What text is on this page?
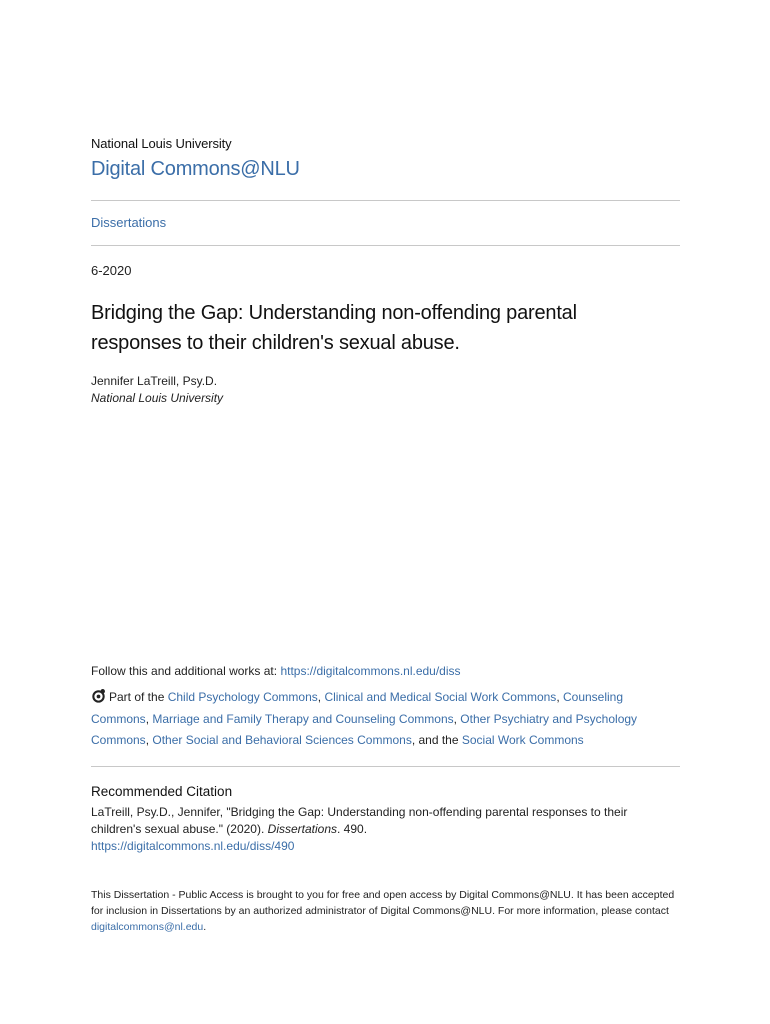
National Louis University
Digital Commons@NLU
Dissertations
6-2020
Bridging the Gap: Understanding non-offending parental responses to their children's sexual abuse.
Jennifer LaTreill, Psy.D.
National Louis University
Follow this and additional works at: https://digitalcommons.nl.edu/diss
Part of the Child Psychology Commons, Clinical and Medical Social Work Commons, Counseling Commons, Marriage and Family Therapy and Counseling Commons, Other Psychiatry and Psychology Commons, Other Social and Behavioral Sciences Commons, and the Social Work Commons
Recommended Citation
LaTreill, Psy.D., Jennifer, "Bridging the Gap: Understanding non-offending parental responses to their children's sexual abuse." (2020). Dissertations. 490.
https://digitalcommons.nl.edu/diss/490
This Dissertation - Public Access is brought to you for free and open access by Digital Commons@NLU. It has been accepted for inclusion in Dissertations by an authorized administrator of Digital Commons@NLU. For more information, please contact digitalcommons@nl.edu.
